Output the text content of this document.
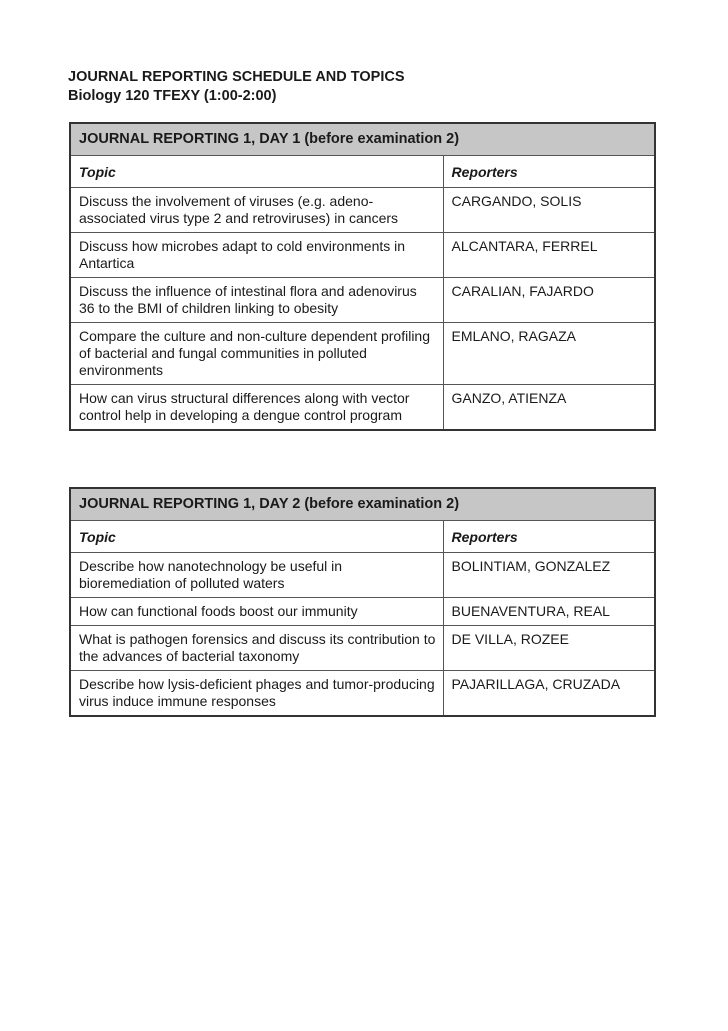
JOURNAL REPORTING SCHEDULE AND TOPICS
Biology 120 TFEXY (1:00-2:00)
JOURNAL REPORTING 1, DAY 1 (before examination 2)	
Topic	Reporters
Discuss the involvement of viruses (e.g. adeno-associated virus type 2 and retroviruses) in cancers	CARGANDO, SOLIS
Discuss how microbes adapt to cold environments in Antartica	ALCANTARA, FERREL
Discuss the influence of intestinal flora and adenovirus 36 to the BMI of children linking to obesity	CARALIAN, FAJARDO
Compare the culture and non-culture dependent profiling of bacterial and fungal communities in polluted environments	EMLANO, RAGAZA
How can virus structural differences along with vector control help in developing a dengue control program	GANZO, ATIENZA
JOURNAL REPORTING 1, DAY 2 (before examination 2)	
Topic	Reporters
Describe how nanotechnology be useful in bioremediation of polluted waters	BOLINTIAM, GONZALEZ
How can functional foods boost our immunity	BUENAVENTURA, REAL
What is pathogen forensics and discuss its contribution to the advances of bacterial taxonomy	DE VILLA, ROZEE
Describe how lysis-deficient phages and tumor-producing virus induce immune responses	PAJARILLAGA, CRUZADA
